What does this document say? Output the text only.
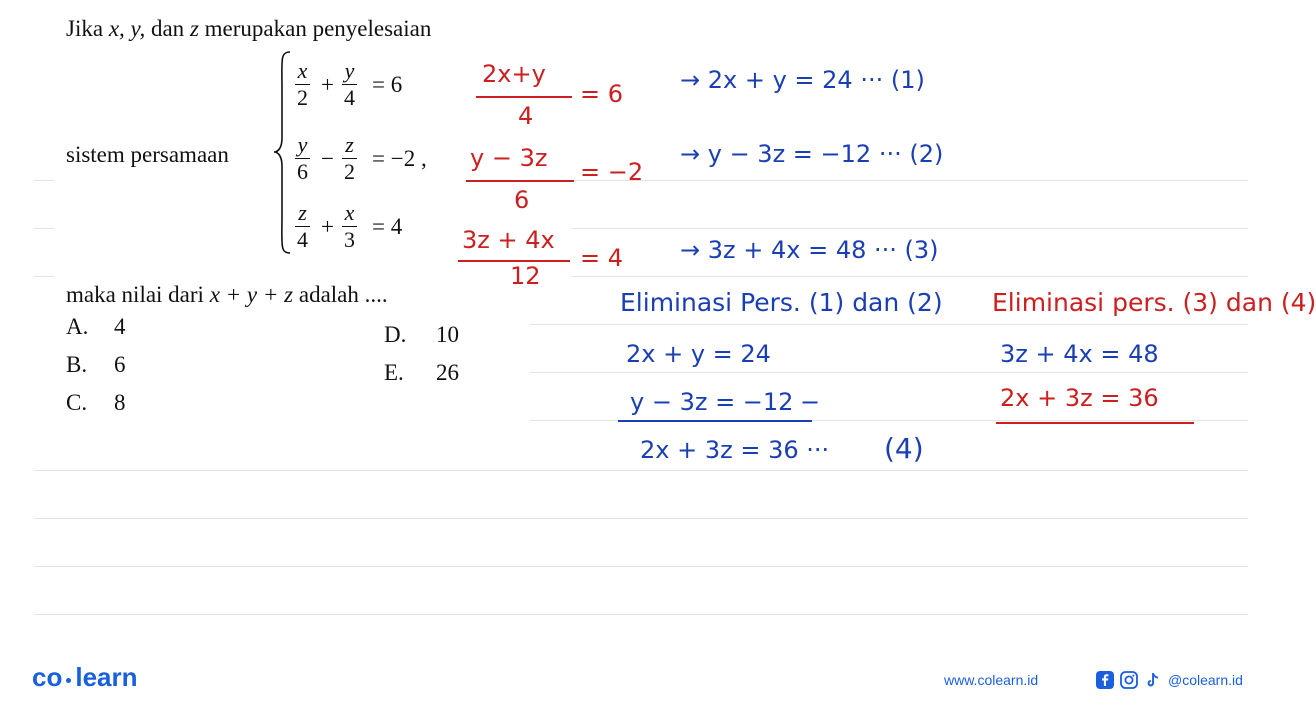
Jika x, y, dan z merupakan penyelesaian
sistem persamaan
$\frac{x}{2} + \frac{y}{4} = 6$
$\frac{y}{6} - \frac{z}{2} = -2$ ,
$\frac{z}{4} + \frac{x}{3} = 4$
maka nilai dari x + y + z adalah ....
A. 4
B. 6
C. 8
D. 10
E. 26
2x+y
4
= 6
y − 3z
6
= −2
3z + 4x
12
= 4
→ 2x + y = 24 ··· (1)
→ y − 3z = −12 ··· (2)
→ 3z + 4x = 48 ··· (3)
Eliminasi Pers. (1) dan (2)
2x + y = 24
y − 3z = −12 −
2x + 3z = 36 ··· (4)
Eliminasi pers. (3) dan (4)
3z + 4x = 48
2x + 3z = 36
co learn	www.colearn.id	@colearn.id
